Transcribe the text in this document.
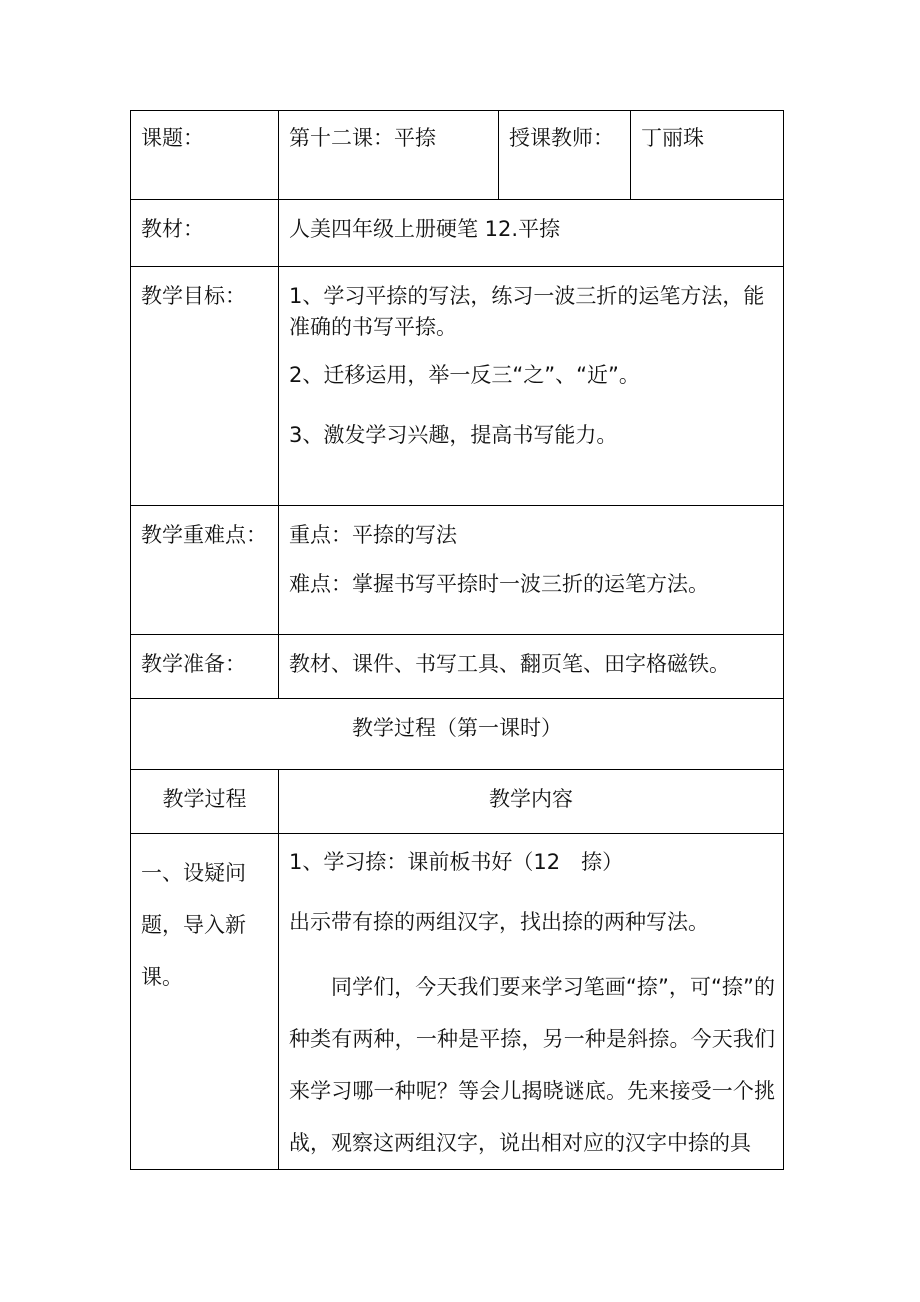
课题：	第十二课：平捺	授课教师：	丁丽珠

教材：	人美四年级上册硬笔 12.平捺		

教学目标：	1、学习平捺的写法，练习一波三折的运笔方法，能准确的书写平捺。

2、迁移运用，举一反三“之”、“近”。

3、激发学习兴趣，提高书写能力。		

教学重难点：	重点：平捺的写法

难点：掌握书写平捺时一波三折的运笔方法。		

教学准备：	教材、课件、书写工具、翻页笔、田字格磁铁。		

教学过程（第一课时）			

教学过程	教学内容		

一、设疑问题，导入新课。	1、学习捺：课前板书好（12　捺）

出示带有捺的两组汉字，找出捺的两种写法。

同学们，今天我们要来学习笔画“捺”，可“捺”的种类有两种，一种是平捺，另一种是斜捺。今天我们来学习哪一种呢？等会儿揭晓谜底。先来接受一个挑战，观察这两组汉字，说出相对应的汉字中捺的具		
